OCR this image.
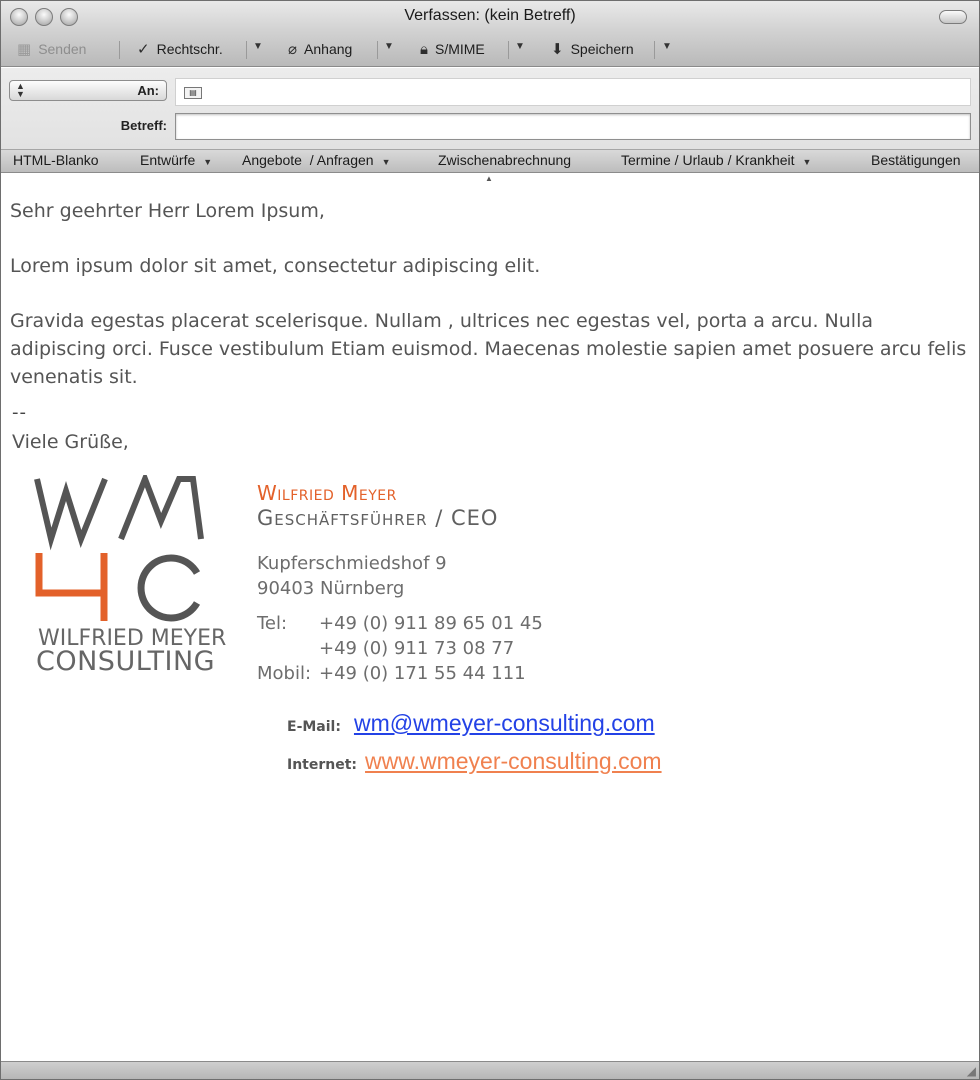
Verfassen: (kein Betreff)
▦ Senden	✓ Rechtschr.	▼ ⌀ Anhang	▼ 🔒︎ S/MIME	▼ ⬇ Speichern	▼
▲
▼	An:	▤
Betreff:
HTML-Blanko	Entwürfe ▼ Angebote  / Anfragen ▼	Zwischenabrechnung	Termine / Urlaub / Krankheit ▼	Bestätigungen
▲
Sehr geehrter Herr Lorem Ipsum,
Lorem ipsum dolor sit amet, consectetur adipiscing elit.
Gravida egestas placerat scelerisque. Nullam , ultrices nec egestas vel, porta a arcu. Nulla adipiscing orci. Fusce vestibulum Etiam euismod. Maecenas molestie sapien amet posuere arcu felis venenatis sit.
--
Viele Grüße,
WILFRIED MEYER
CONSULTING
Wilfried Meyer
Geschäftsführer / CEO
Kupferschmiedshof 9
90403 Nürnberg
Tel:	+49 (0) 911 89 65 01 45
+49 (0) 911 73 08 77
Mobil: +49 (0) 171 55 44 111
E-Mail: wm@wmeyer-consulting.com
Internet: www.wmeyer-consulting.com
◢
